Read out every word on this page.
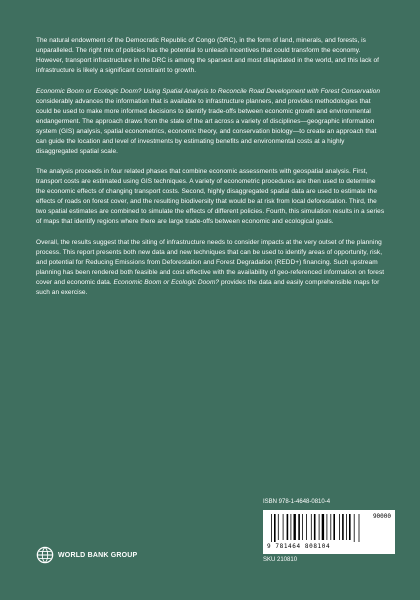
The natural endowment of the Democratic Republic of Congo (DRC), in the form of land, minerals, and forests, is unparalleled. The right mix of policies has the potential to unleash incentives that could transform the economy. However, transport infrastructure in the DRC is among the sparsest and most dilapidated in the world, and this lack of infrastructure is likely a significant constraint to growth.

Economic Boom or Ecologic Doom? Using Spatial Analysis to Reconcile Road Development with Forest Conservation considerably advances the information that is available to infrastructure planners, and provides methodologies that could be used to make more informed decisions to identify trade-offs between economic growth and environmental endangerment. The approach draws from the state of the art across a variety of disciplines—geographic information system (GIS) analysis, spatial econometrics, economic theory, and conservation biology—to create an approach that can guide the location and level of investments by estimating benefits and environmental costs at a highly disaggregated spatial scale.

The analysis proceeds in four related phases that combine economic assessments with geospatial analysis. First, transport costs are estimated using GIS techniques. A variety of econometric procedures are then used to determine the economic effects of changing transport costs. Second, highly disaggregated spatial data are used to estimate the effects of roads on forest cover, and the resulting biodiversity that would be at risk from local deforestation. Third, the two spatial estimates are combined to simulate the effects of different policies. Fourth, this simulation results in a series of maps that identify regions where there are large trade-offs between economic and ecological goals.

Overall, the results suggest that the siting of infrastructure needs to consider impacts at the very outset of the planning process. This report presents both new data and new techniques that can be used to identify areas of opportunity, risk, and potential for Reducing Emissions from Deforestation and Forest Degradation (REDD+) financing. Such upstream planning has been rendered both feasible and cost effective with the availability of geo-referenced information on forest cover and economic data. Economic Boom or Ecologic Doom? provides the data and easily comprehensible maps for such an exercise.

ISBN 978-1-4648-0810-4
90000
9 781464 808104
SKU 210810
WORLD BANK GROUP
